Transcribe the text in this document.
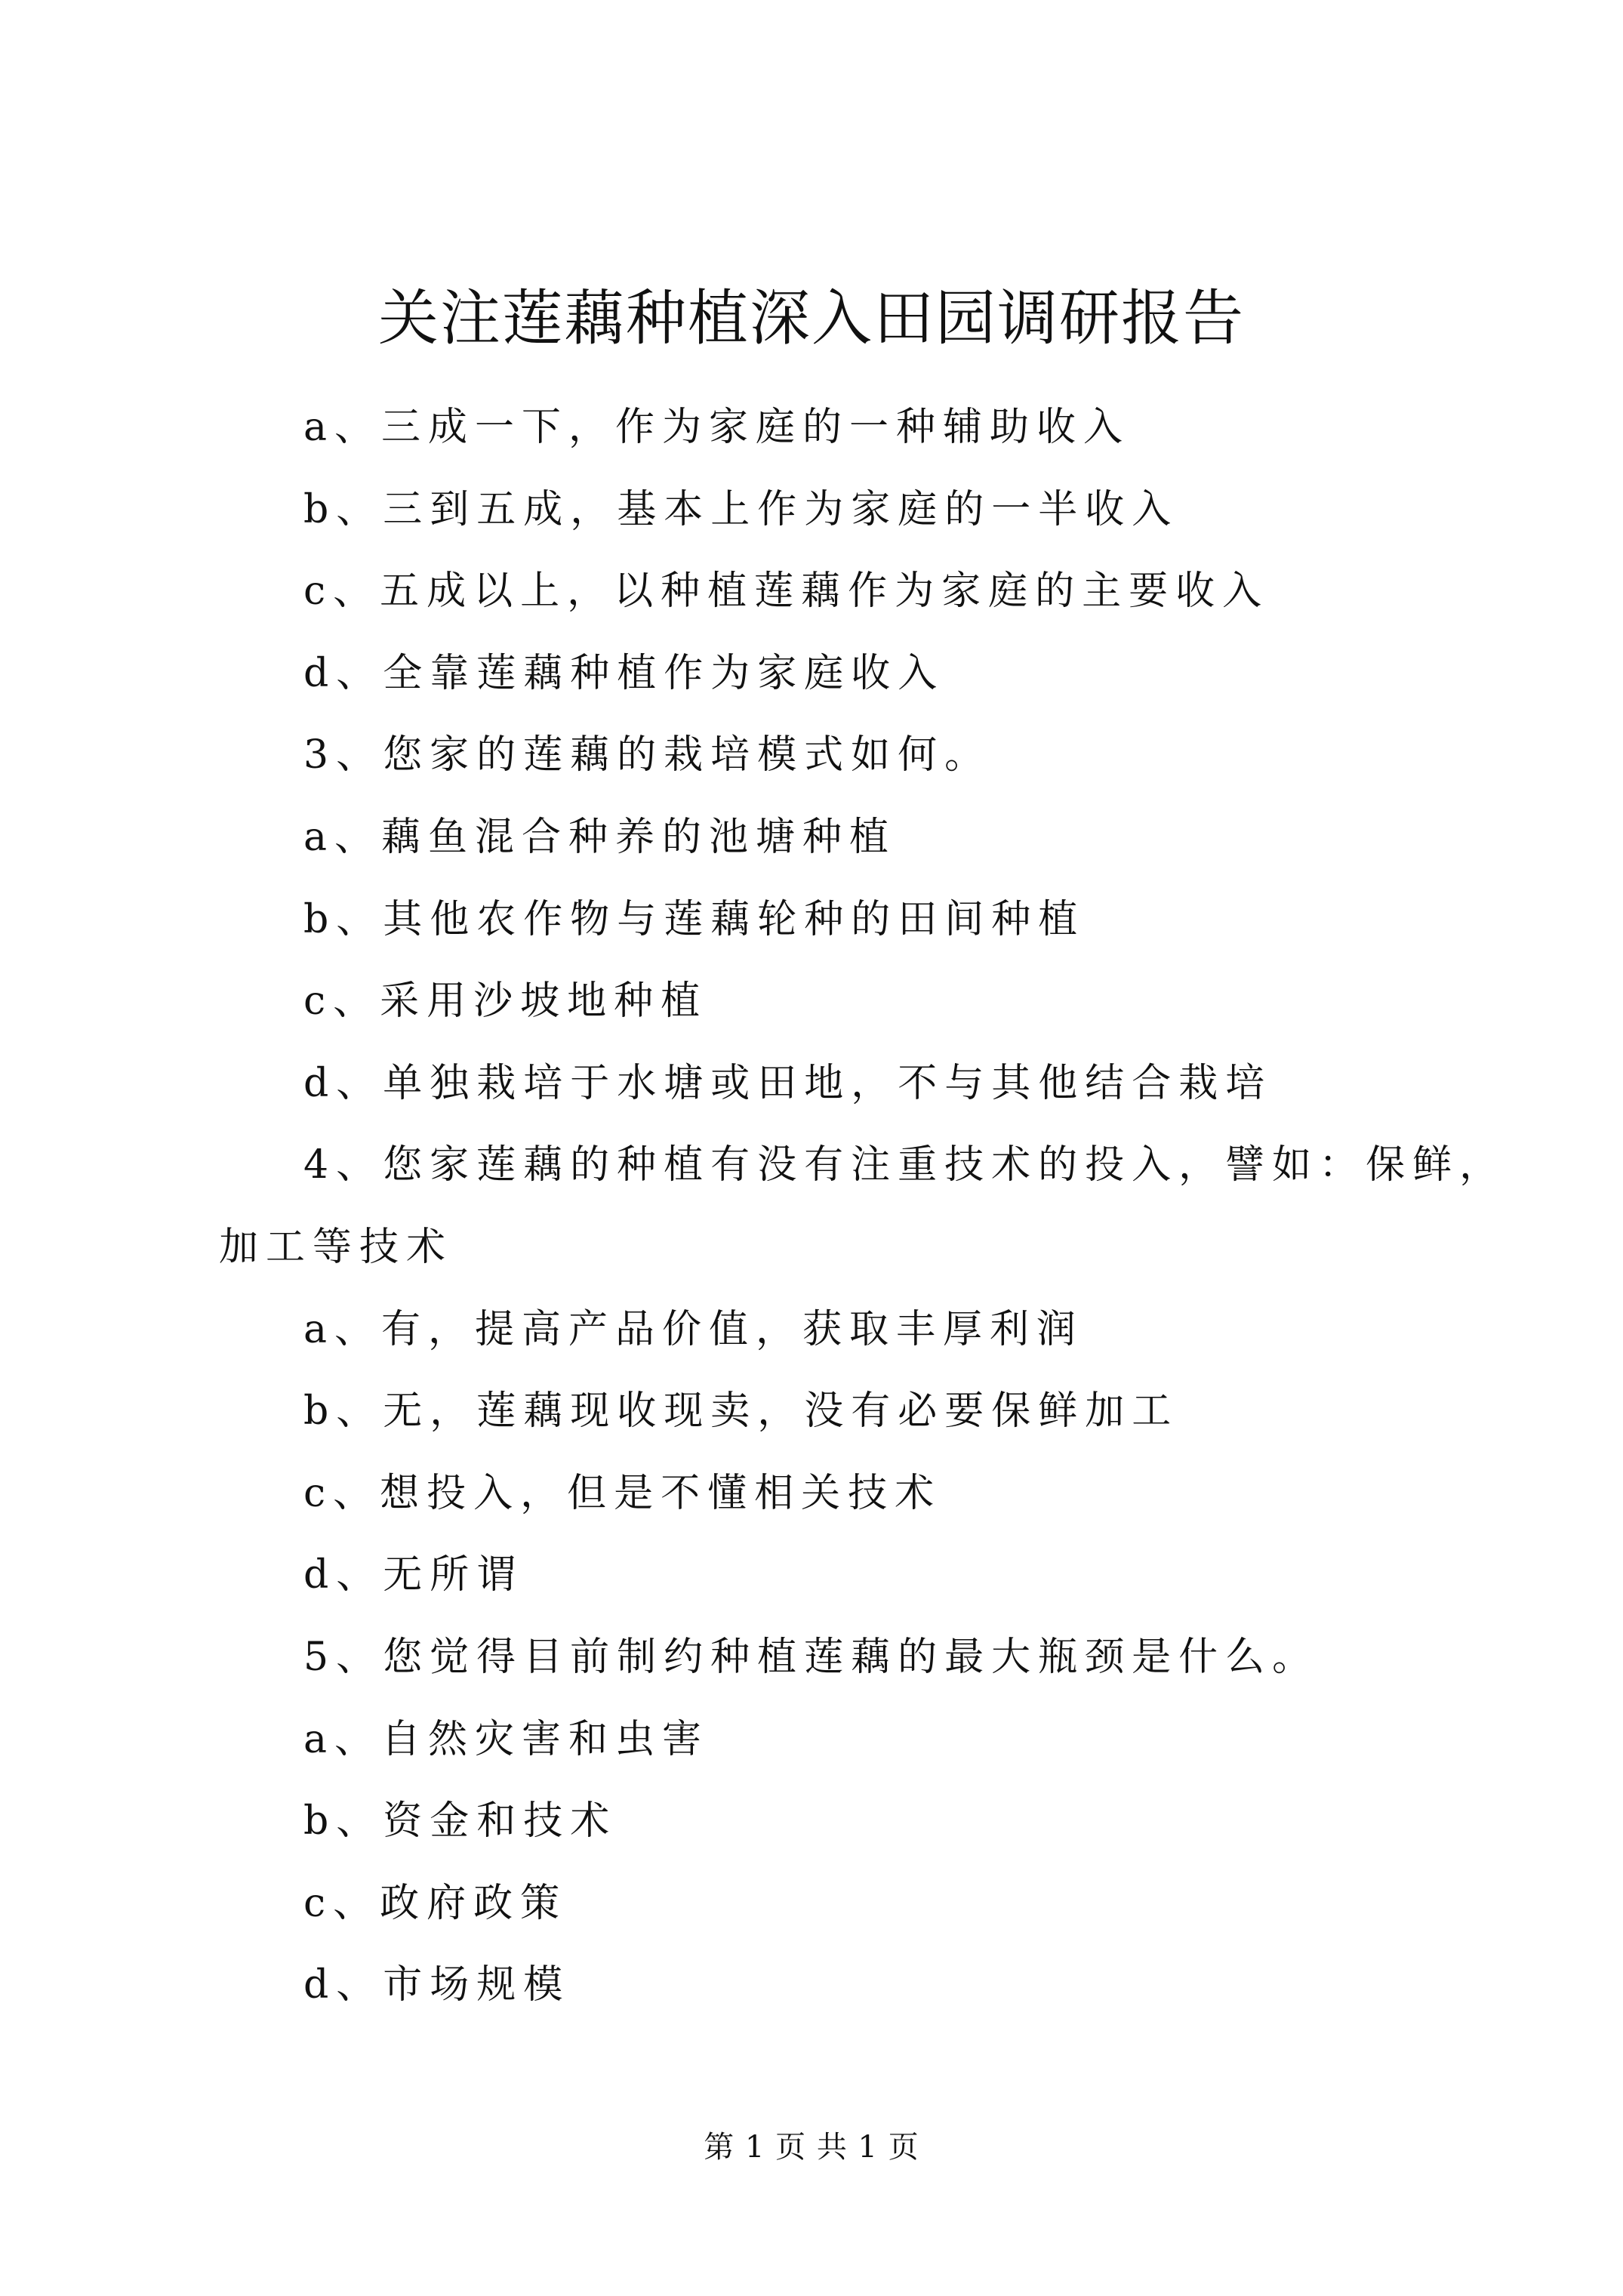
关注莲藕种植深入田园调研报告
a、三成一下，作为家庭的一种辅助收入
b、三到五成，基本上作为家庭的一半收入
c、五成以上，以种植莲藕作为家庭的主要收入
d、全靠莲藕种植作为家庭收入
3、您家的莲藕的栽培模式如何。
a、藕鱼混合种养的池塘种植
b、其他农作物与莲藕轮种的田间种植
c、采用沙坡地种植
d、单独栽培于水塘或田地，不与其他结合栽培
4、您家莲藕的种植有没有注重技术的投入，譬如：保鲜，
加工等技术
a、有，提高产品价值，获取丰厚利润
b、无，莲藕现收现卖，没有必要保鲜加工
c、想投入，但是不懂相关技术
d、无所谓
5、您觉得目前制约种植莲藕的最大瓶颈是什么。
a、自然灾害和虫害
b、资金和技术
c、政府政策
d、市场规模
第 1 页 共 1 页
